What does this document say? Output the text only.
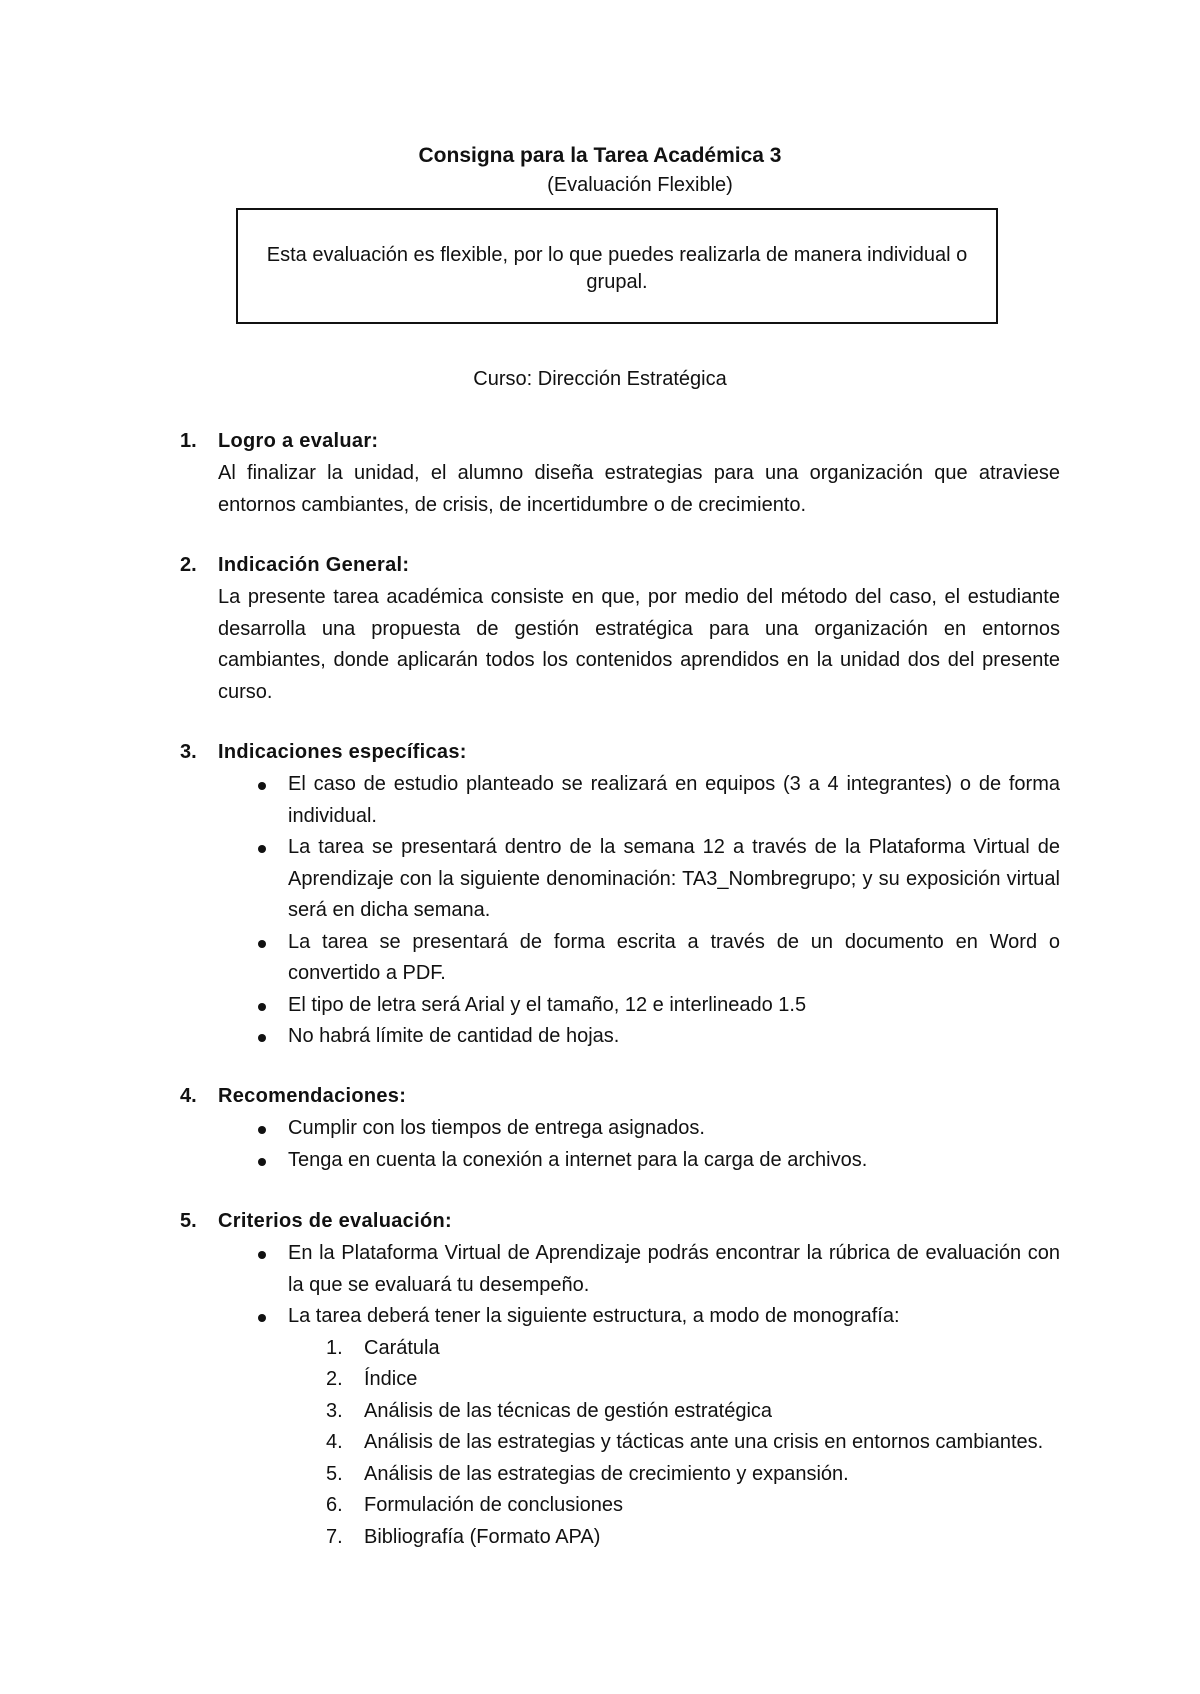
Consigna para la Tarea Académica 3

(Evaluación Flexible)

Esta evaluación es flexible, por lo que puedes realizarla de manera individual o grupal.

Curso: Dirección Estratégica

1. Logro a evaluar:
Al finalizar la unidad, el alumno diseña estrategias para una organización que atraviese entornos cambiantes, de crisis, de incertidumbre o de crecimiento.
2. Indicación General:
La presente tarea académica consiste en que, por medio del método del caso, el estudiante desarrolla una propuesta de gestión estratégica para una organización en entornos cambiantes, donde aplicarán todos los contenidos aprendidos en la unidad dos del presente curso.
3. Indicaciones específicas:
El caso de estudio planteado se realizará en equipos (3 a 4 integrantes) o de forma individual.
La tarea se presentará dentro de la semana 12 a través de la Plataforma Virtual de Aprendizaje con la siguiente denominación: TA3_Nombregrupo; y su exposición virtual será en dicha semana.
La tarea se presentará de forma escrita a través de un documento en Word o convertido a PDF.
El tipo de letra será Arial y el tamaño, 12 e interlineado 1.5
No habrá límite de cantidad de hojas.
4. Recomendaciones:
Cumplir con los tiempos de entrega asignados.
Tenga en cuenta la conexión a internet para la carga de archivos.
5. Criterios de evaluación:
En la Plataforma Virtual de Aprendizaje podrás encontrar la rúbrica de evaluación con la que se evaluará tu desempeño.
La tarea deberá tener la siguiente estructura, a modo de monografía:
1. Carátula
2. Índice
3. Análisis de las técnicas de gestión estratégica
4. Análisis de las estrategias y tácticas ante una crisis en entornos cambiantes.
5. Análisis de las estrategias de crecimiento y expansión.
6. Formulación de conclusiones
7. Bibliografía (Formato APA)
